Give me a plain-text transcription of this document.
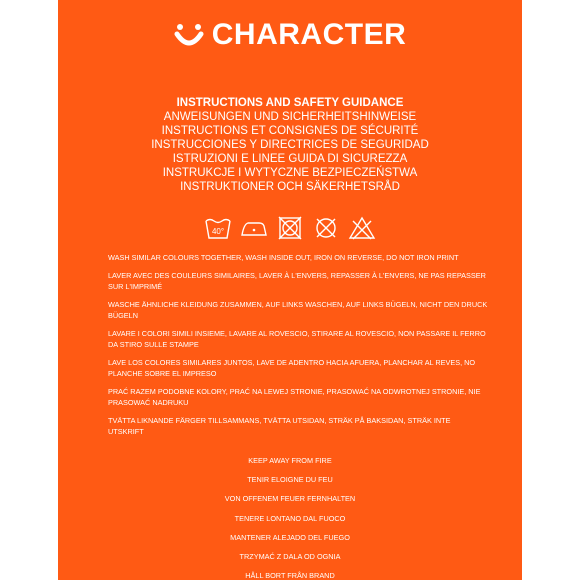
CHARACTER
INSTRUCTIONS AND SAFETY GUIDANCE
ANWEISUNGEN UND SICHERHEITSHINWEISE
INSTRUCTIONS ET CONSIGNES DE SÉCURITÉ
INSTRUCCIONES Y DIRECTRICES DE SEGURIDAD
ISTRUZIONI E LINEE GUIDA DI SICUREZZA
INSTRUKCJE I WYTYCZNE BEZPIECZEŃSTWA
INSTRUKTIONER OCH SÄKERHETSRÅD
40°

WASH SIMILAR COLOURS TOGETHER, WASH INSIDE OUT, IRON ON REVERSE, DO NOT IRON PRINT

LAVER AVEC DES COULEURS SIMILAIRES, LAVER À L'ENVERS, REPASSER À L'ENVERS, NE PAS REPASSER SUR L'IMPRIMÉ

WASCHE ÄHNLICHE KLEIDUNG ZUSAMMEN, AUF LINKS WASCHEN, AUF LINKS BÜGELN, NICHT DEN DRUCK BÜGELN

LAVARE I COLORI SIMILI INSIEME, LAVARE AL ROVESCIO, STIRARE AL ROVESCIO, NON PASSARE IL FERRO DA STIRO SULLE STAMPE

LAVE LOS COLORES SIMILARES JUNTOS, LAVE DE ADENTRO HACIA AFUERA, PLANCHAR AL REVES, NO PLANCHE SOBRE EL IMPRESO

PRAĆ RAZEM PODOBNE KOLORY, PRAĆ NA LEWEJ STRONIE, PRASOWAĆ NA ODWROTNEJ STRONIE, NIE PRASOWAĆ NADRUKU

TVÄTTA LIKNANDE FÄRGER TILLSAMMANS, TVÄTTA UTSIDAN, STRÄK PÅ BAKSIDAN, STRÄK INTE UTSKRIFT

KEEP AWAY FROM FIRE

TENIR ELOIGNE DU FEU

VON OFFENEM FEUER FERNHALTEN

TENERE LONTANO DAL FUOCO

MANTENER ALEJADO DEL FUEGO

TRZYMAĆ Z DALA OD OGNIA

HÅLL BORT FRÅN BRAND
